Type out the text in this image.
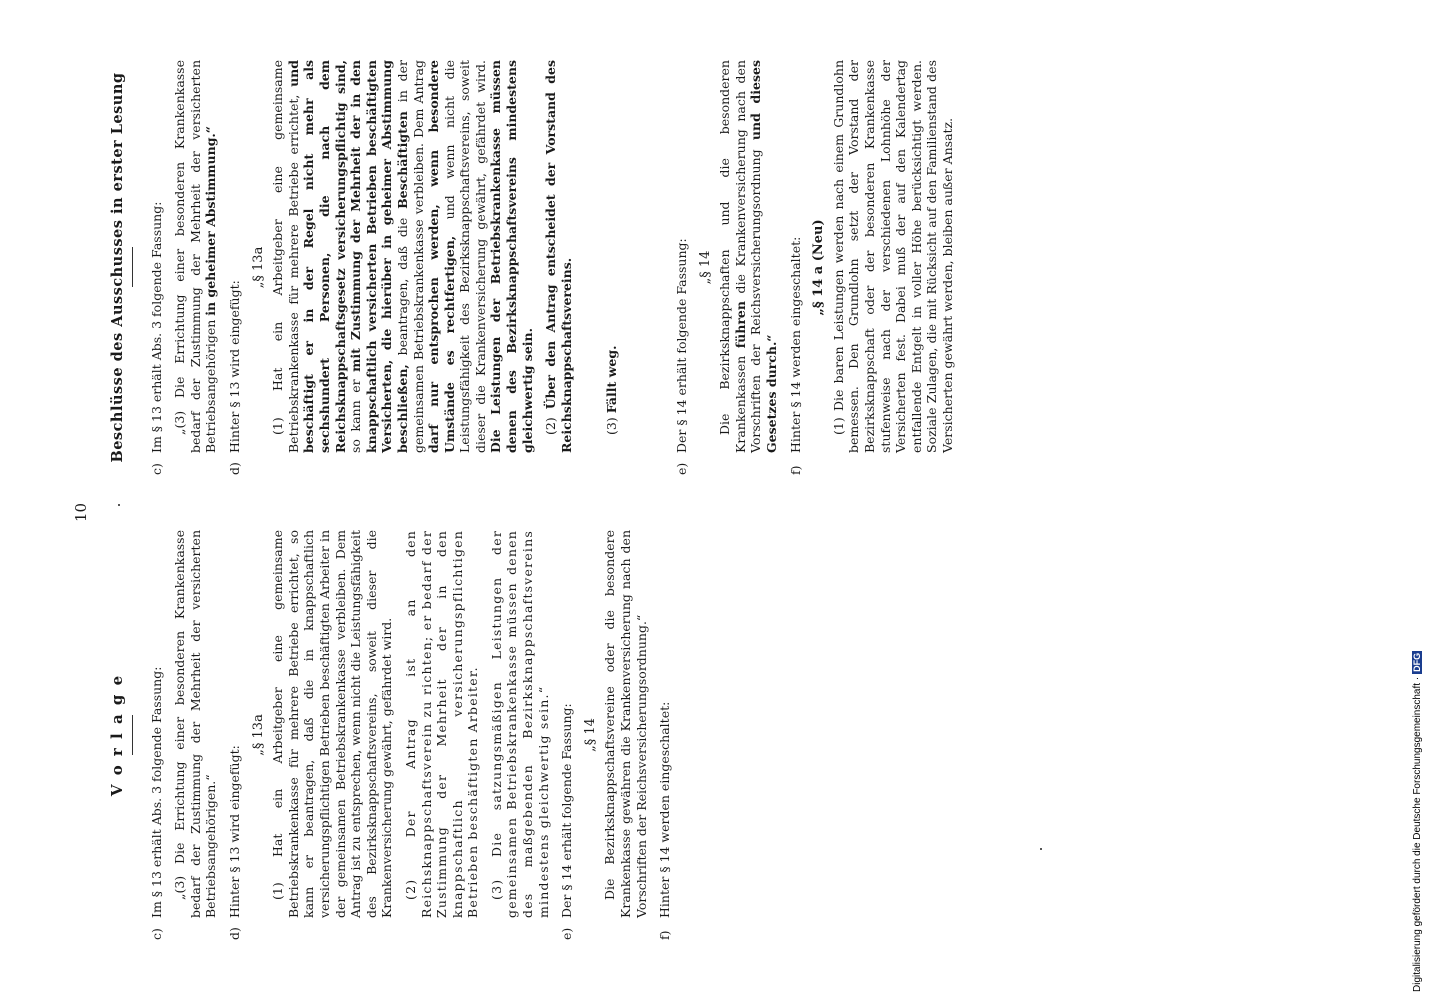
10
V o r l a g e
c)Im § 13 erhält Abs. 3 folgende Fassung: „(3) Die Errichtung einer besonderen Krankenkasse bedarf der Zustimmung der Mehrheit der versicherten Betriebsangehörigen.“
d)Hinter § 13 wird eingefügt:
„§ 13a (1) Hat ein Arbeitgeber eine gemeinsame Betriebskrankenkasse für mehrere Betriebe errichtet, so kann er beantragen, daß die in knappschaftlich versicherungspflichtigen Betrieben beschäftigten Arbeiter in der gemeinsamen Betriebskrankenkasse verbleiben. Dem Antrag ist zu entsprechen, wenn nicht die Leistungsfähigkeit des Bezirksknappschaftsvereins, soweit dieser die Krankenversicherung gewährt, gefährdet wird. (2) Der Antrag ist an den Reichsknappschaftsverein zu richten; er bedarf der Zustimmung der Mehrheit der in den knappschaftlich versicherungspflichtigen Betrieben beschäftigten Arbeiter. (3) Die satzungsmäßigen Leistungen der gemeinsamen Betriebskrankenkasse müssen denen des maßgebenden Bezirksknappschaftsvereins mindestens gleichwertig sein.“
e)Der § 14 erhält folgende Fassung: „§ 14 Die Bezirksknappschaftsvereine oder die besondere Krankenkasse gewähren die Krankenversicherung nach den Vorschriften der Reichsversicherungsordnung.“
f)Hinter § 14 werden eingeschaltet:
Beschlüsse des Ausschusses in erster Lesung
c)Im § 13 erhält Abs. 3 folgende Fassung: „(3) Die Errichtung einer besonderen Krankenkasse bedarf der Zustimmung der Mehrheit der versicherten Betriebsangehörigen in geheimer Abstimmung.“
d)Hinter § 13 wird eingefügt:
„§ 13a (1) Hat ein Arbeitgeber eine gemeinsame Betriebskrankenkasse für mehrere Betriebe errichtet, und beschäftigt er in der Regel nicht mehr als sechshundert Personen, die nach dem Reichsknappschaftsgesetz versicherungspflichtig sind, so kann er mit Zustimmung der Mehrheit der in den knappschaftlich versicherten Betrieben beschäftigten Versicherten, die hierüber in geheimer Abstimmung beschließen, beantragen, daß die Beschäftigten in der gemeinsamen Betriebskrankenkasse verbleiben. Dem Antrag darf nur entsprochen werden, wenn besondere Umstände es rechtfertigen, und wenn nicht die Leistungsfähigkeit des Bezirksknappschaftsvereins, soweit dieser die Krankenversicherung gewährt, gefährdet wird. Die Leistungen der Betriebskrankenkasse müssen denen des Bezirksknappschaftsvereins mindestens gleichwertig sein. (2) Über den Antrag entscheidet der Vorstand des Reichsknappschaftsvereins. (3) Fällt weg.
e)Der § 14 erhält folgende Fassung: „§ 14 Die Bezirksknappschaften und die besonderen Krankenkassen führen die Krankenversicherung nach den Vorschriften der Reichsversicherungsordnung und dieses Gesetzes durch.“
f)Hinter § 14 werden eingeschaltet: „§ 14 a (Neu) (1) Die baren Leistungen werden nach einem Grundlohn bemessen. Den Grundlohn setzt der Vorstand der Bezirksknappschaft oder der besonderen Krankenkasse stufenweise nach der verschiedenen Lohnhöhe der Versicherten fest. Dabei muß der auf den Kalendertag entfallende Entgelt in voller Höhe berücksichtigt werden. Soziale Zulagen, die mit Rücksicht auf den Familienstand des Versicherten gewährt werden, bleiben außer Ansatz.
Digitalisierung gefördert durch die Deutsche Forschungsgemeinschaft ·DFG
